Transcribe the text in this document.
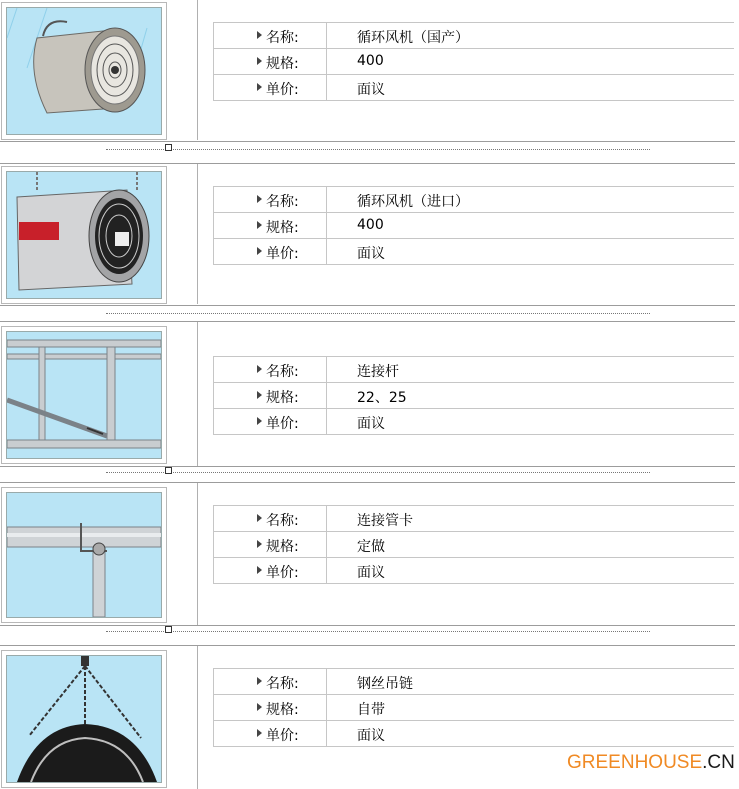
名称:	循环风机（国产）
规格:	400
单价:	面议
名称:	循环风机（进口）
规格:	400
单价:	面议
名称:	连接杆
规格:	22、25
单价:	面议
名称:	连接管卡
规格:	定做
单价:	面议
名称:	钢丝吊链
规格:	自带
单价:	面议
GREENHOUSE.CN
